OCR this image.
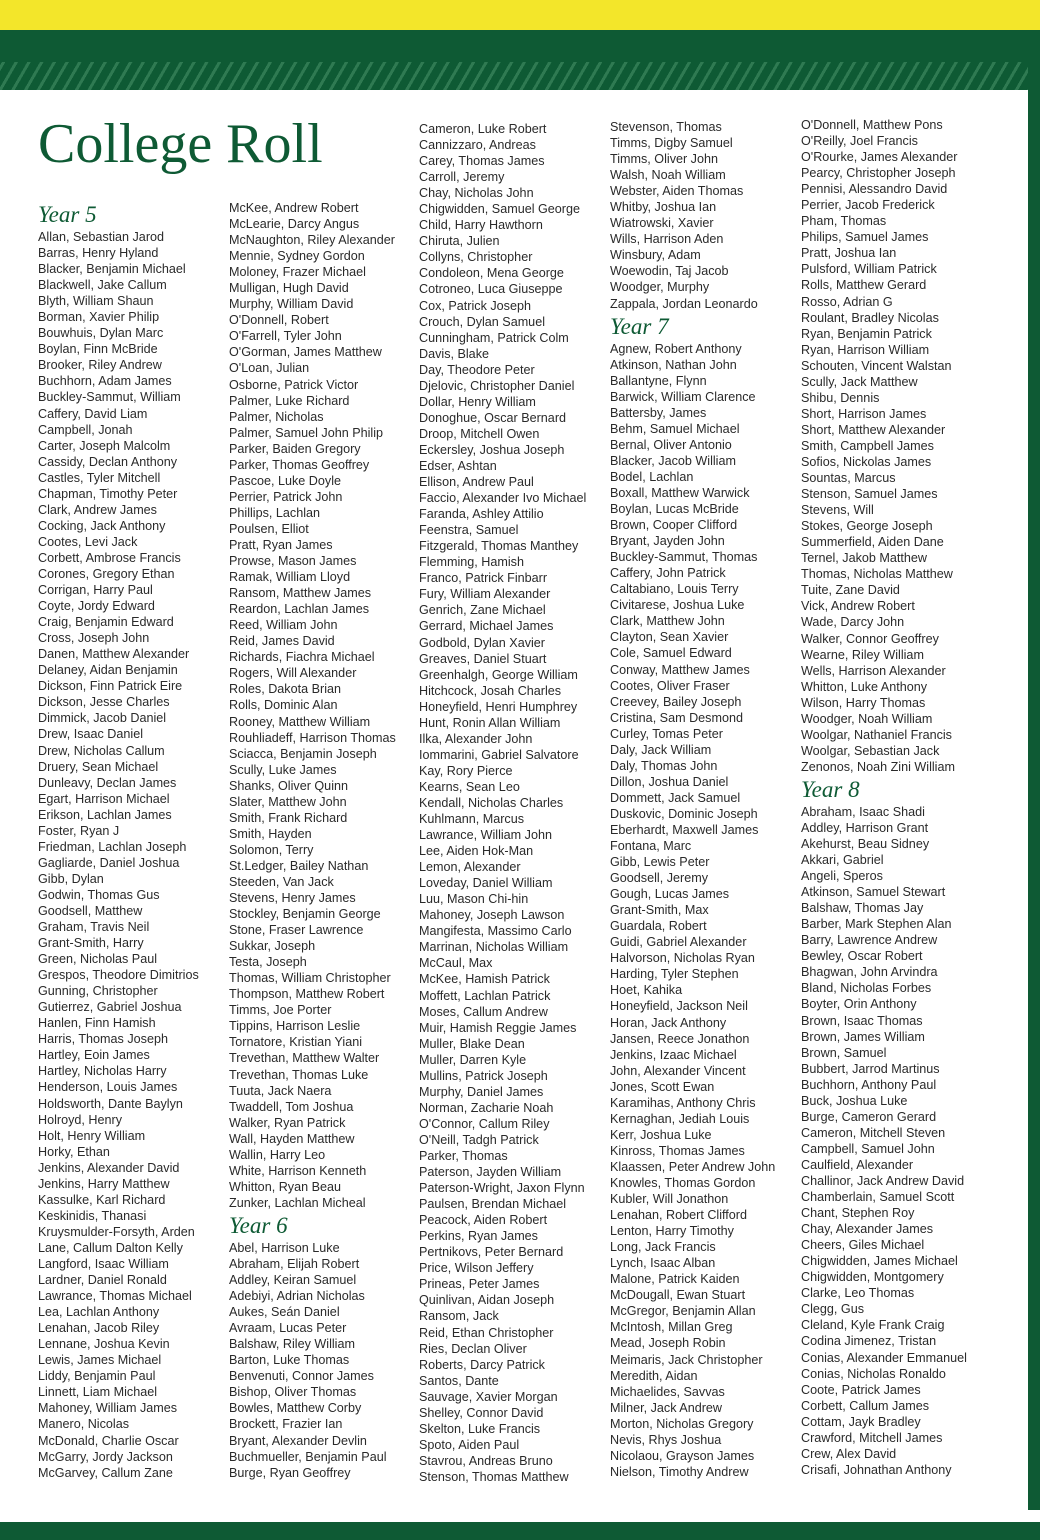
College Roll
Year 5
Allan, Sebastian Jarod
Barras, Henry Hyland
Blacker, Benjamin Michael
Blackwell, Jake Callum
Blyth, William Shaun
Borman, Xavier Philip
Bouwhuis, Dylan Marc
Boylan, Finn McBride
Brooker, Riley Andrew
Buchhorn, Adam James
Buckley-Sammut, William
Caffery, David Liam
Campbell, Jonah
Carter, Joseph Malcolm
Cassidy, Declan Anthony
Castles, Tyler Mitchell
Chapman, Timothy Peter
Clark, Andrew James
Cocking, Jack Anthony
Cootes, Levi Jack
Corbett, Ambrose Francis
Corones, Gregory Ethan
Corrigan, Harry Paul
Coyte, Jordy Edward
Craig, Benjamin Edward
Cross, Joseph John
Danen, Matthew Alexander
Delaney, Aidan Benjamin
Dickson, Finn Patrick Eire
Dickson, Jesse Charles
Dimmick, Jacob Daniel
Drew, Isaac Daniel
Drew, Nicholas Callum
Druery, Sean Michael
Dunleavy, Declan James
Egart, Harrison Michael
Erikson, Lachlan James
Foster, Ryan J
Friedman, Lachlan Joseph
Gagliarde, Daniel Joshua
Gibb, Dylan
Godwin, Thomas Gus
Goodsell, Matthew
Graham, Travis Neil
Grant-Smith, Harry
Green, Nicholas Paul
Grespos, Theodore Dimitrios
Gunning, Christopher
Gutierrez, Gabriel Joshua
Hanlen, Finn Hamish
Harris, Thomas Joseph
Hartley, Eoin James
Hartley, Nicholas Harry
Henderson, Louis James
Holdsworth, Dante Baylyn
Holroyd, Henry
Holt, Henry William
Horky, Ethan
Jenkins, Alexander David
Jenkins, Harry Matthew
Kassulke, Karl Richard
Keskinidis, Thanasi
Kruysmulder-Forsyth, Arden
Lane, Callum Dalton Kelly
Langford, Isaac William
Lardner, Daniel Ronald
Lawrance, Thomas Michael
Lea, Lachlan Anthony
Lenahan, Jacob Riley
Lennane, Joshua Kevin
Lewis, James Michael
Liddy, Benjamin Paul
Linnett, Liam Michael
Mahoney, William James
Manero, Nicolas
McDonald, Charlie Oscar
McGarry, Jordy Jackson
McGarvey, Callum Zane
McKee, Andrew Robert
McLearie, Darcy Angus
McNaughton, Riley Alexander
Mennie, Sydney Gordon
Moloney, Frazer Michael
Mulligan, Hugh David
Murphy, William David
O'Donnell, Robert
O'Farrell, Tyler John
O'Gorman, James Matthew
O'Loan, Julian
Osborne, Patrick Victor
Palmer, Luke Richard
Palmer, Nicholas
Palmer, Samuel John Philip
Parker, Baiden Gregory
Parker, Thomas Geoffrey
Pascoe, Luke Doyle
Perrier, Patrick John
Phillips, Lachlan
Poulsen, Elliot
Pratt, Ryan James
Prowse, Mason James
Ramak, William Lloyd
Ransom, Matthew James
Reardon, Lachlan James
Reed, William John
Reid, James David
Richards, Fiachra Michael
Rogers, Will Alexander
Roles, Dakota Brian
Rolls, Dominic Alan
Rooney, Matthew William
Rouhliadeff, Harrison Thomas
Sciacca, Benjamin Joseph
Scully, Luke James
Shanks, Oliver Quinn
Slater, Matthew John
Smith, Frank Richard
Smith, Hayden
Solomon, Terry
St.Ledger, Bailey Nathan
Steeden, Van Jack
Stevens, Henry James
Stockley, Benjamin George
Stone, Fraser Lawrence
Sukkar, Joseph
Testa, Joseph
Thomas, William Christopher
Thompson, Matthew Robert
Timms, Joe Porter
Tippins, Harrison Leslie
Tornatore, Kristian Yiani
Trevethan, Matthew Walter
Trevethan, Thomas Luke
Tuuta, Jack Naera
Twaddell, Tom Joshua
Walker, Ryan Patrick
Wall, Hayden Matthew
Wallin, Harry Leo
White, Harrison Kenneth
Whitton, Ryan Beau
Zunker, Lachlan Micheal
Year 6
Abel, Harrison Luke
Abraham, Elijah Robert
Addley, Keiran Samuel
Adebiyi, Adrian Nicholas
Aukes, Seán Daniel
Avraam, Lucas Peter
Balshaw, Riley William
Barton, Luke Thomas
Benvenuti, Connor James
Bishop, Oliver Thomas
Bowles, Matthew Corby
Brockett, Frazier Ian
Bryant, Alexander Devlin
Buchmueller, Benjamin Paul
Burge, Ryan Geoffrey
Cameron, Luke Robert
Cannizzaro, Andreas
Carey, Thomas James
Carroll, Jeremy
Chay, Nicholas John
Chigwidden, Samuel George
Child, Harry Hawthorn
Chiruta, Julien
Collyns, Christopher
Condoleon, Mena George
Cotroneo, Luca Giuseppe
Cox, Patrick Joseph
Crouch, Dylan Samuel
Cunningham, Patrick Colm
Davis, Blake
Day, Theodore Peter
Djelovic, Christopher Daniel
Dollar, Henry William
Donoghue, Oscar Bernard
Droop, Mitchell Owen
Eckersley, Joshua Joseph
Edser, Ashtan
Ellison, Andrew Paul
Faccio, Alexander Ivo Michael
Faranda, Ashley Attilio
Feenstra, Samuel
Fitzgerald, Thomas Manthey
Flemming, Hamish
Franco, Patrick Finbarr
Fury, William Alexander
Genrich, Zane Michael
Gerrard, Michael James
Godbold, Dylan Xavier
Greaves, Daniel Stuart
Greenhalgh, George William
Hitchcock, Josah Charles
Honeyfield, Henri Humphrey
Hunt, Ronin Allan William
Ilka, Alexander John
Iommarini, Gabriel Salvatore
Kay, Rory Pierce
Kearns, Sean Leo
Kendall, Nicholas Charles
Kuhlmann, Marcus
Lawrance, William John
Lee, Aiden Hok-Man
Lemon, Alexander
Loveday, Daniel William
Luu, Mason Chi-hin
Mahoney, Joseph Lawson
Mangifesta, Massimo Carlo
Marrinan, Nicholas William
McCaul, Max
McKee, Hamish Patrick
Moffett, Lachlan Patrick
Moses, Callum Andrew
Muir, Hamish Reggie James
Muller, Blake Dean
Muller, Darren Kyle
Mullins, Patrick Joseph
Murphy, Daniel James
Norman, Zacharie Noah
O'Connor, Callum Riley
O'Neill, Tadgh Patrick
Parker, Thomas
Paterson, Jayden William
Paterson-Wright, Jaxon Flynn
Paulsen, Brendan Michael
Peacock, Aiden Robert
Perkins, Ryan James
Pertnikovs, Peter Bernard
Price, Wilson Jeffery
Prineas, Peter James
Quinlivan, Aidan Joseph
Ransom, Jack
Reid, Ethan Christopher
Ries, Declan Oliver
Roberts, Darcy Patrick
Santos, Dante
Sauvage, Xavier Morgan
Shelley, Connor David
Skelton, Luke Francis
Spoto, Aiden Paul
Stavrou, Andreas Bruno
Stenson, Thomas Matthew
Stevenson, Thomas
Timms, Digby Samuel
Timms, Oliver John
Walsh, Noah William
Webster, Aiden Thomas
Whitby, Joshua Ian
Wiatrowski, Xavier
Wills, Harrison Aden
Winsbury, Adam
Woewodin, Taj Jacob
Woodger, Murphy
Zappala, Jordan Leonardo
Year 7
Agnew, Robert Anthony
Atkinson, Nathan John
Ballantyne, Flynn
Barwick, William Clarence
Battersby, James
Behm, Samuel Michael
Bernal, Oliver Antonio
Blacker, Jacob William
Bodel, Lachlan
Boxall, Matthew Warwick
Boylan, Lucas McBride
Brown, Cooper Clifford
Bryant, Jayden John
Buckley-Sammut, Thomas
Caffery, John Patrick
Caltabiano, Louis Terry
Civitarese, Joshua Luke
Clark, Matthew John
Clayton, Sean Xavier
Cole, Samuel Edward
Conway, Matthew James
Cootes, Oliver Fraser
Creevey, Bailey Joseph
Cristina, Sam Desmond
Curley, Tomas Peter
Daly, Jack William
Daly, Thomas John
Dillon, Joshua Daniel
Dommett, Jack Samuel
Duskovic, Dominic Joseph
Eberhardt, Maxwell James
Fontana, Marc
Gibb, Lewis Peter
Goodsell, Jeremy
Gough, Lucas James
Grant-Smith, Max
Guardala, Robert
Guidi, Gabriel Alexander
Halvorson, Nicholas Ryan
Harding, Tyler Stephen
Hoet, Kahika
Honeyfield, Jackson Neil
Horan, Jack Anthony
Jansen, Reece Jonathon
Jenkins, Izaac Michael
John, Alexander Vincent
Jones, Scott Ewan
Karamihas, Anthony Chris
Kernaghan, Jediah Louis
Kerr, Joshua Luke
Kinross, Thomas James
Klaassen, Peter Andrew John
Knowles, Thomas Gordon
Kubler, Will Jonathon
Lenahan, Robert Clifford
Lenton, Harry Timothy
Long, Jack Francis
Lynch, Isaac Alban
Malone, Patrick Kaiden
McDougall, Ewan Stuart
McGregor, Benjamin Allan
McIntosh, Millan Greg
Mead, Joseph Robin
Meimaris, Jack Christopher
Meredith, Aidan
Michaelides, Savvas
Milner, Jack Andrew
Morton, Nicholas Gregory
Nevis, Rhys Joshua
Nicolaou, Grayson James
Nielson, Timothy Andrew
O'Donnell, Matthew Pons
O'Reilly, Joel Francis
O'Rourke, James Alexander
Pearcy, Christopher Joseph
Pennisi, Alessandro David
Perrier, Jacob Frederick
Pham, Thomas
Philips, Samuel James
Pratt, Joshua Ian
Pulsford, William Patrick
Rolls, Matthew Gerard
Rosso, Adrian G
Roulant, Bradley Nicolas
Ryan, Benjamin Patrick
Ryan, Harrison William
Schouten, Vincent Walstan
Scully, Jack Matthew
Shibu, Dennis
Short, Harrison James
Short, Matthew Alexander
Smith, Campbell James
Sofios, Nickolas James
Sountas, Marcus
Stenson, Samuel James
Stevens, Will
Stokes, George Joseph
Summerfield, Aiden Dane
Ternel, Jakob Matthew
Thomas, Nicholas Matthew
Tuite, Zane David
Vick, Andrew Robert
Wade, Darcy John
Walker, Connor Geoffrey
Wearne, Riley William
Wells, Harrison Alexander
Whitton, Luke Anthony
Wilson, Harry Thomas
Woodger, Noah William
Woolgar, Nathaniel Francis
Woolgar, Sebastian Jack
Zenonos, Noah Zini William
Year 8
Abraham, Isaac Shadi
Addley, Harrison Grant
Akehurst, Beau Sidney
Akkari, Gabriel
Angeli, Speros
Atkinson, Samuel Stewart
Balshaw, Thomas Jay
Barber, Mark Stephen Alan
Barry, Lawrence Andrew
Bewley, Oscar Robert
Bhagwan, John Arvindra
Bland, Nicholas Forbes
Boyter, Orin Anthony
Brown, Isaac Thomas
Brown, James William
Brown, Samuel
Bubbert, Jarrod Martinus
Buchhorn, Anthony Paul
Buck, Joshua Luke
Burge, Cameron Gerard
Cameron, Mitchell Steven
Campbell, Samuel John
Caulfield, Alexander
Challinor, Jack Andrew David
Chamberlain, Samuel Scott
Chant, Stephen Roy
Chay, Alexander James
Cheers, Giles Michael
Chigwidden, James Michael
Chigwidden, Montgomery
Clarke, Leo Thomas
Clegg, Gus
Cleland, Kyle Frank Craig
Codina Jimenez, Tristan
Conias, Alexander Emmanuel
Conias, Nicholas Ronaldo
Coote, Patrick James
Corbett, Callum James
Cottam, Jayk Bradley
Crawford, Mitchell James
Crew, Alex David
Crisafi, Johnathan Anthony
